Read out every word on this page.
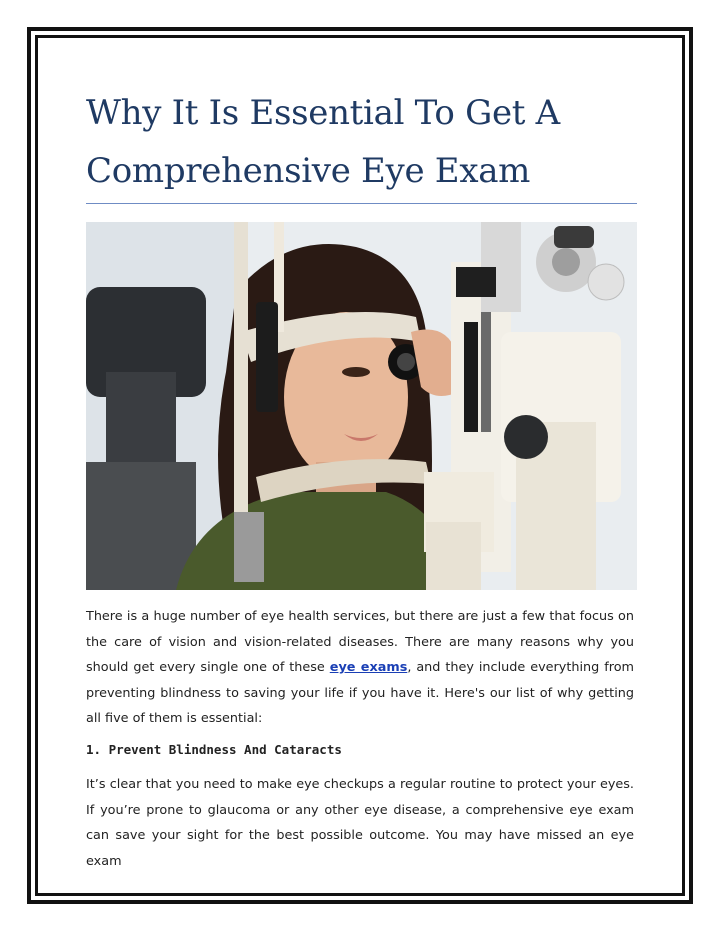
Why It Is Essential To Get A Comprehensive Eye Exam

There is a huge number of eye health services, but there are just a few that focus on the care of vision and vision-related diseases. There are many reasons why you should get every single one of these eye exams, and they include everything from preventing blindness to saving your life if you have it. Here's our list of why getting all five of them is essential:

1. Prevent Blindness And Cataracts

It’s clear that you need to make eye checkups a regular routine to protect your eyes. If you’re prone to glaucoma or any other eye disease, a comprehensive eye exam can save your sight for the best possible outcome. You may have missed an eye exam
